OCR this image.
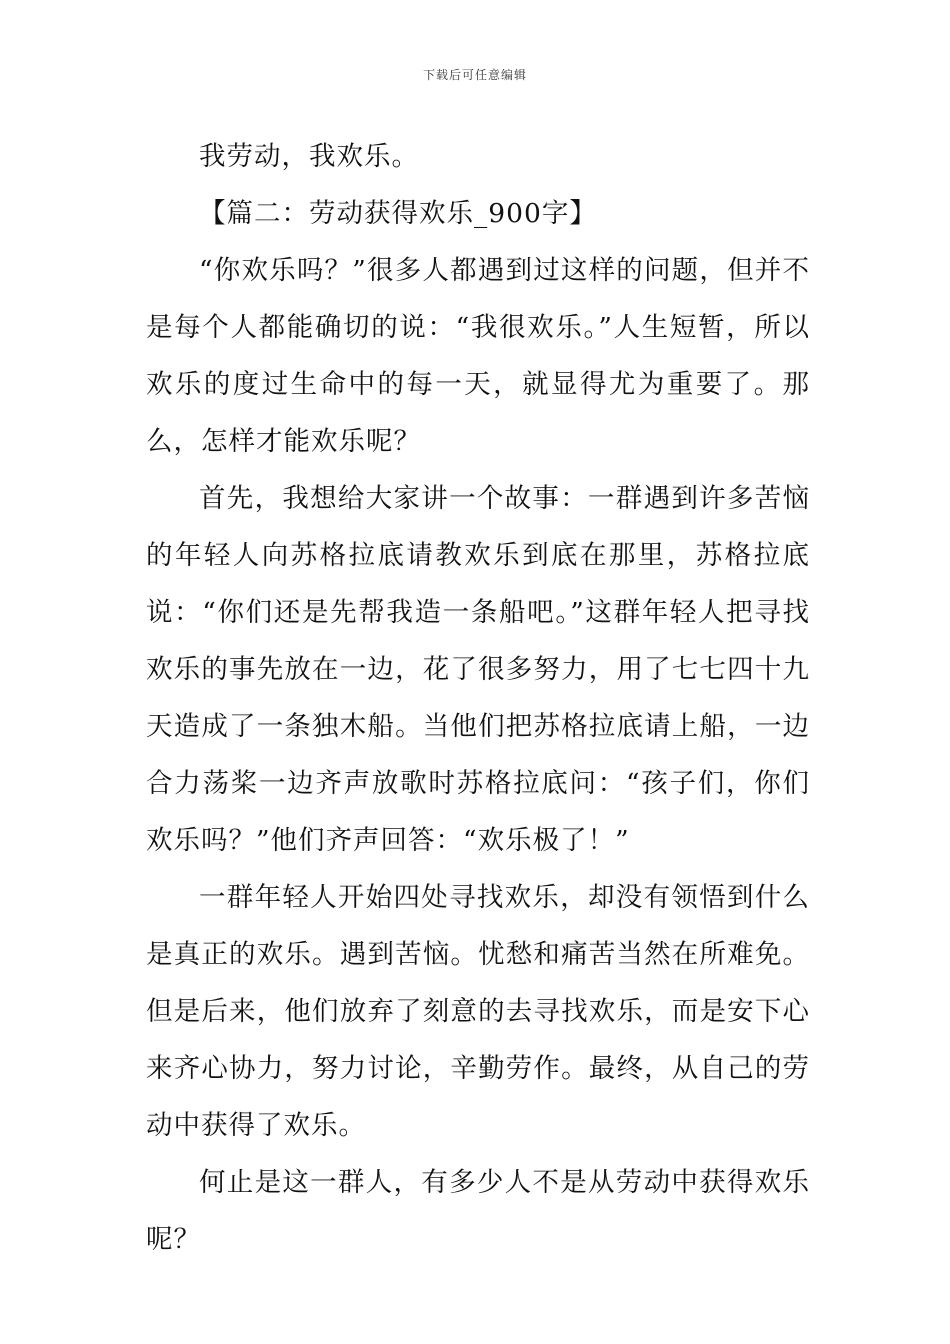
下载后可任意编辑

我劳动，我欢乐。

【篇二：劳动获得欢乐_900字】

“你欢乐吗？”很多人都遇到过这样的问题，但并不是每个人都能确切的说：“我很欢乐。”人生短暂，所以欢乐的度过生命中的每一天，就显得尤为重要了。那么，怎样才能欢乐呢？

首先，我想给大家讲一个故事：一群遇到许多苦恼的年轻人向苏格拉底请教欢乐到底在那里，苏格拉底说：“你们还是先帮我造一条船吧。”这群年轻人把寻找欢乐的事先放在一边，花了很多努力，用了七七四十九天造成了一条独木船。当他们把苏格拉底请上船，一边合力荡桨一边齐声放歌时苏格拉底问：“孩子们，你们欢乐吗？”他们齐声回答：“欢乐极了！”

一群年轻人开始四处寻找欢乐，却没有领悟到什么是真正的欢乐。遇到苦恼。忧愁和痛苦当然在所难免。但是后来，他们放弃了刻意的去寻找欢乐，而是安下心来齐心协力，努力讨论，辛勤劳作。最终，从自己的劳动中获得了欢乐。

何止是这一群人，有多少人不是从劳动中获得欢乐呢？
